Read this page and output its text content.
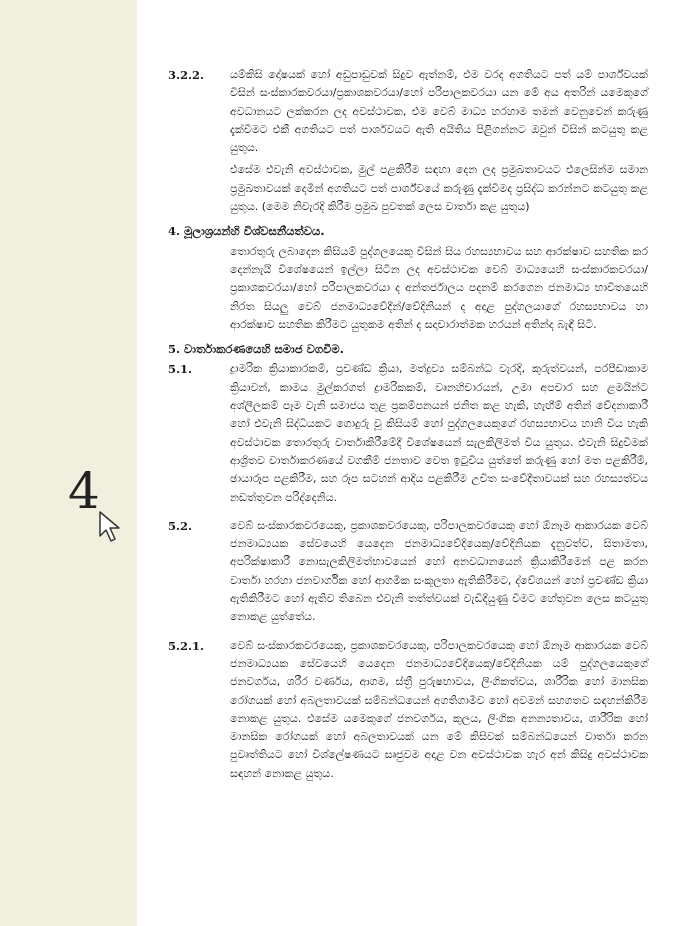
4
3.2.2.	යම්කිසි දෝෂයක් හෝ අඩුපාඩුවක් සිදුව ඇත්නම්, එම වරද අගතියට පත් යම් පාර්ශ්වයක් විසින් සංස්කාරකවරයා/ප්‍රකාශකවරයා/හෝ පරිපාලකවරයා යන මේ අය අතරින් යමෙකුගේ අවධානයට ලක්කරන ලද අවස්ථාවක, එම වෙබ් මාධ්‍ය හරහාම තමන් වෙනුවෙන් කරුණු දැක්වීමට එකී අගතියට පත් පාර්ශවයට ඇති අයිතිය පිළිගන්නට ඔවුන් විසින් කටයුතු කළ යුතුය.
එසේම එවැනි අවස්ථාවක, මුල් පළකිරීම සඳහා දෙන ලද ප්‍රමුඛතාවයට එලෙසින්ම සමාන ප්‍රමුඛතාවයක් දෙමින් අගතියට පත් පාර්ශ්වයේ කරුණු දැක්වීමද ප්‍රසිද්ධ කරන්නට කටයුතු කළ යුතුය. (මෙම නිවැරදි කිරීම ප්‍රමුඛ පුවතක් ලෙස වාර්තා කළ යුතුය)
4. මූලාශ්‍රයන්හි විශ්වසනීයත්වය.
තොරතුරු ලබාදෙන කිසියම් පුද්ගලයෙකු විසින් සිය රහස්‍යභාවය සහ ආරක්ෂාව සහතික කර දෙන්නැයි විශේෂයෙන් ඉල්ලා සිටින ලද අවස්ථාවක වෙබ් මාධ්‍යයෙහි සංස්කාරකවරයා/ප්‍රකාශකවරයා/හෝ පරිපාලකවරයා ද අන්තර්ජාලය පදනම් කරගෙන ජනමාධ්‍ය භාවිතයෙහි නිරත සියලු වෙබ් ජනමාධ්‍යවේදීන්/වේදිනියන් ද අදාළ පුද්ගලයාගේ රහස්‍යභාවය හා ආරක්ෂාව සහතික කිරීමට යුතුකම අතින් ද සදාචාරාත්මක හරයන් අතින්ද බැඳී සිටී.
5. වාර්තාකරණයෙහි සමාජ වගවීම.
5.1.	ද්‍රාමරික ක්‍රියාකාරකම්, ප්‍රචණ්ඩ ක්‍රියා, මත්ද්‍රව්‍ය සම්බන්ධ වැරදි, කුරුත්වයන්, පරපීඩාකාම ක්‍රියාවන්, කාමය මුල්කරගත් ද්‍රාමරිකකම්, වෘනහිචාරයන්, උමා අපචාර සහ ළමයින්ට අශ්ලීලකම් පෑම වැනි සමාජය තුළ ප්‍රකම්පනයන් ජනිත කළ හැකි, හැඟීම් අතින් වේදනාකාරී හෝ එවැනි සිද්ධියකට ගොදුරු වූ කිසියම් හෝ පුද්ගලයෙකුගේ රහස්‍යභාවය හානි විය හැකි අවස්ථාවක තොරතුරු වාර්තාකිරීමේදී විශේෂයෙන් සැලකිලිමත් විය යුතුය. එවැනි සිදුවීමක් ආශ්‍රිතව වාර්තාකරණයේ වගකීම් ජනතාව වෙත ඉටුවිය යුත්තේ කරුණු හෝ මත පළකිරීම්, ඡායාරූප පළකිරීම, සහ රූප සටහන් ආදිය පළකිරීම උචිත සංවේදීතාවයක් සහ රහස්‍යත්වය නඩත්තුවන පරිද්දෙනිය.
5.2.	වෙබ් සංස්කාරකවරයෙකු, ප්‍රකාශකවරයෙකු, පරිපාලකවරයෙකු හෝ ඕනෑම ආකාරයක වෙබ් ජනමාධ්‍යයක සේවයෙහි යෙදෙන ජනමාධ්‍යවේදියෙකු/වේදිනියක දැනුවත්ව, සිතාමතා, අපරික්ෂාකාරී නොසැලකිලිමත්භාවයෙන් හෝ අනවධානයෙන් ක්‍රියාකිරීමෙන් පළ කරන වාර්තා හරහා ජනවාර්ගික හෝ ආගමික සංකූලතා ඇතිකිරීමට, ද්වේශයන් හෝ ප්‍රචණ්ඩ ක්‍රියා ඇතිකිරීමට හෝ ඇතිව තිබෙන එවැනි තත්ත්වයක් වැඩිදියුණු වීමට හේතුවන ලෙස කටයුතු නොකළ යුත්තේය.
5.2.1.	වෙබ් සංස්කාරකවරයෙකු, ප්‍රකාශකවරයෙකු, පරිපාලකවරයෙකු හෝ ඕනෑම ආකාරයක වෙබ් ජනමාධ්‍යයක සේවයෙහි යෙදෙන ජනමාධ්‍යවේදියෙකු/වේදිනියක යම් පුද්ගලයෙකුගේ ජනවර්ගය, ශරීර වර්ණය, ආගම, ස්ත්‍රී පුරුෂභාවය, ලිංගිකත්වය, ශාරීරික හෝ මානසික රෝගයක් හෝ අබලතාවයක් සම්බන්ධයෙන් අගතිගාමීව හෝ අවමන් සහගතව සඳහන්කිරීම නොකළ යුතුය. එසේම යමෙකුගේ ජනවර්ගය, කුලය, ලිංගික අනන්‍යතාවය, ශාරීරික හෝ මානසික රෝගයක් හෝ අබලතාවයක් යන මේ කිසිවක් සම්බන්ධයෙන් වාර්තා කරන පුවෘත්තියට හෝ විශ්ලේෂණයට සෘජුවම අදාළ වන අවස්ථාවක හැර අන් කිසිදු අවස්ථාවක සඳහන් නොකළ යුතුය.
